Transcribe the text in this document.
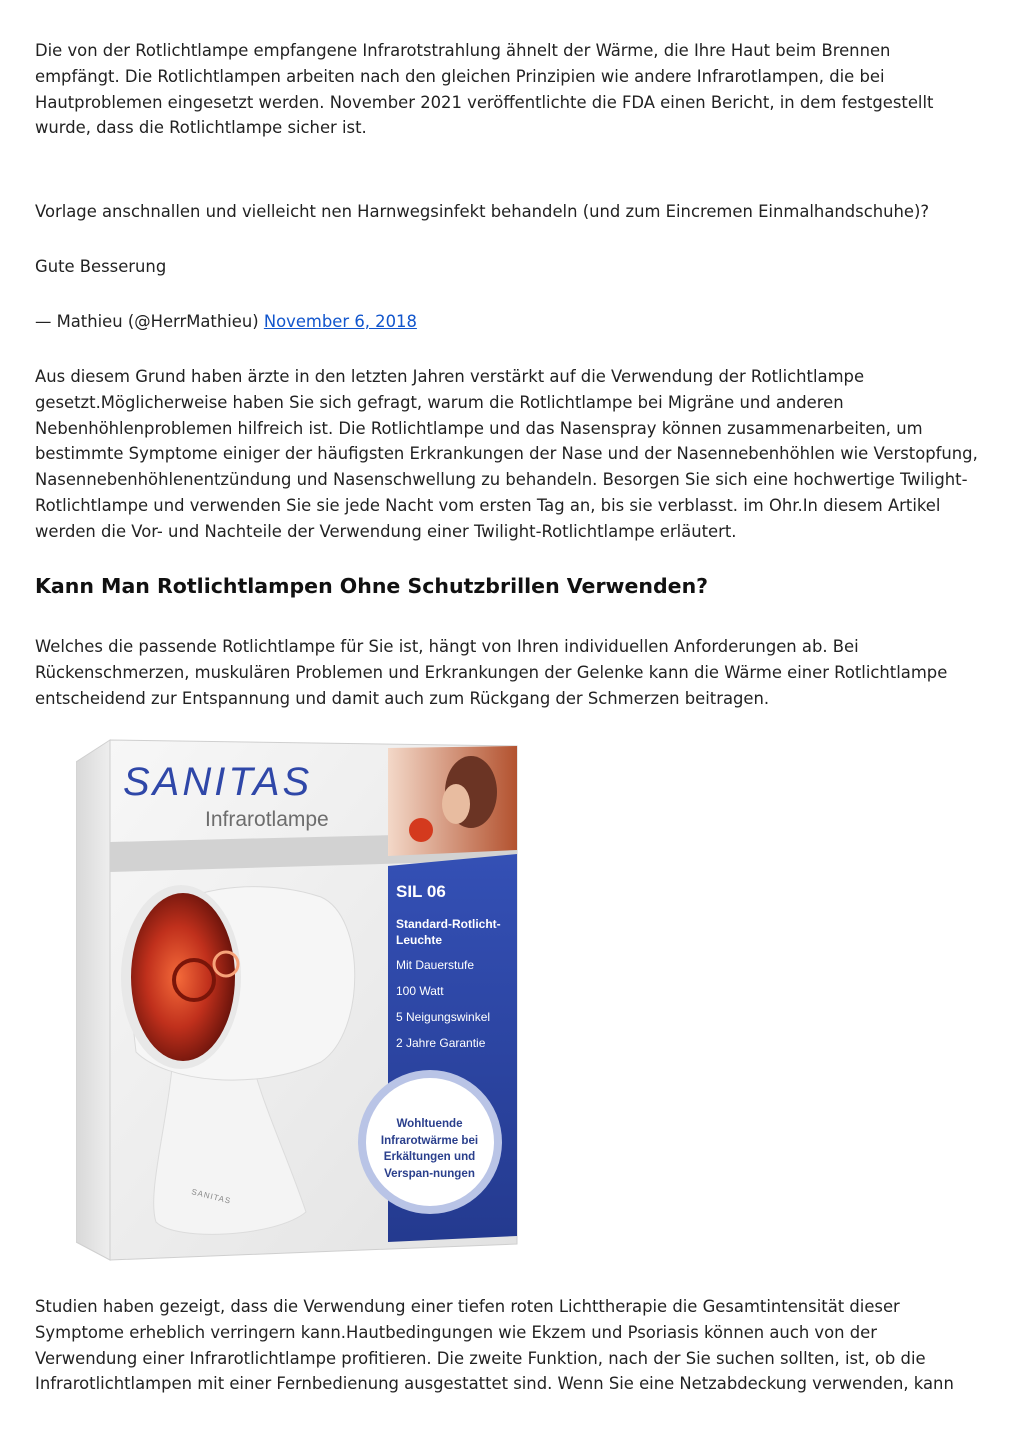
Die von der Rotlichtlampe empfangene Infrarotstrahlung ähnelt der Wärme, die Ihre Haut beim Brennen empfängt. Die Rotlichtlampen arbeiten nach den gleichen Prinzipien wie andere Infrarotlampen, die bei Hautproblemen eingesetzt werden. November 2021 veröffentlichte die FDA einen Bericht, in dem festgestellt wurde, dass die Rotlichtlampe sicher ist.

Vorlage anschnallen und vielleicht nen Harnwegsinfekt behandeln (und zum Eincremen Einmalhandschuhe)?

Gute Besserung

— Mathieu (@HerrMathieu) November 6, 2018

Aus diesem Grund haben ärzte in den letzten Jahren verstärkt auf die Verwendung der Rotlichtlampe gesetzt.Möglicherweise haben Sie sich gefragt, warum die Rotlichtlampe bei Migräne und anderen Nebenhöhlenproblemen hilfreich ist. Die Rotlichtlampe und das Nasenspray können zusammenarbeiten, um bestimmte Symptome einiger der häufigsten Erkrankungen der Nase und der Nasennebenhöhlen wie Verstopfung, Nasennebenhöhlenentzündung und Nasenschwellung zu behandeln. Besorgen Sie sich eine hochwertige Twilight-Rotlichtlampe und verwenden Sie sie jede Nacht vom ersten Tag an, bis sie verblasst. im Ohr.In diesem Artikel werden die Vor- und Nachteile der Verwendung einer Twilight-Rotlichtlampe erläutert.

Kann Man Rotlichtlampen Ohne Schutzbrillen Verwenden?

Welches die passende Rotlichtlampe für Sie ist, hängt von Ihren individuellen Anforderungen ab. Bei Rückenschmerzen, muskulären Problemen und Erkrankungen der Gelenke kann die Wärme einer Rotlichtlampe entscheidend zur Entspannung und damit auch zum Rückgang der Schmerzen beitragen.

SANITAS
Infrarotlampe
SIL 06
Standard-Rotlicht-Leuchte
Mit Dauerstufe
100 Watt
5 Neigungswinkel
2 Jahre Garantie
Wohltuende Infrarotwärme bei Erkältungen und Verspan-nungen
SANITAS

Studien haben gezeigt, dass die Verwendung einer tiefen roten Lichttherapie die Gesamtintensität dieser Symptome erheblich verringern kann.Hautbedingungen wie Ekzem und Psoriasis können auch von der Verwendung einer Infrarotlichtlampe profitieren. Die zweite Funktion, nach der Sie suchen sollten, ist, ob die Infrarotlichtlampen mit einer Fernbedienung ausgestattet sind. Wenn Sie eine Netzabdeckung verwenden, kann
